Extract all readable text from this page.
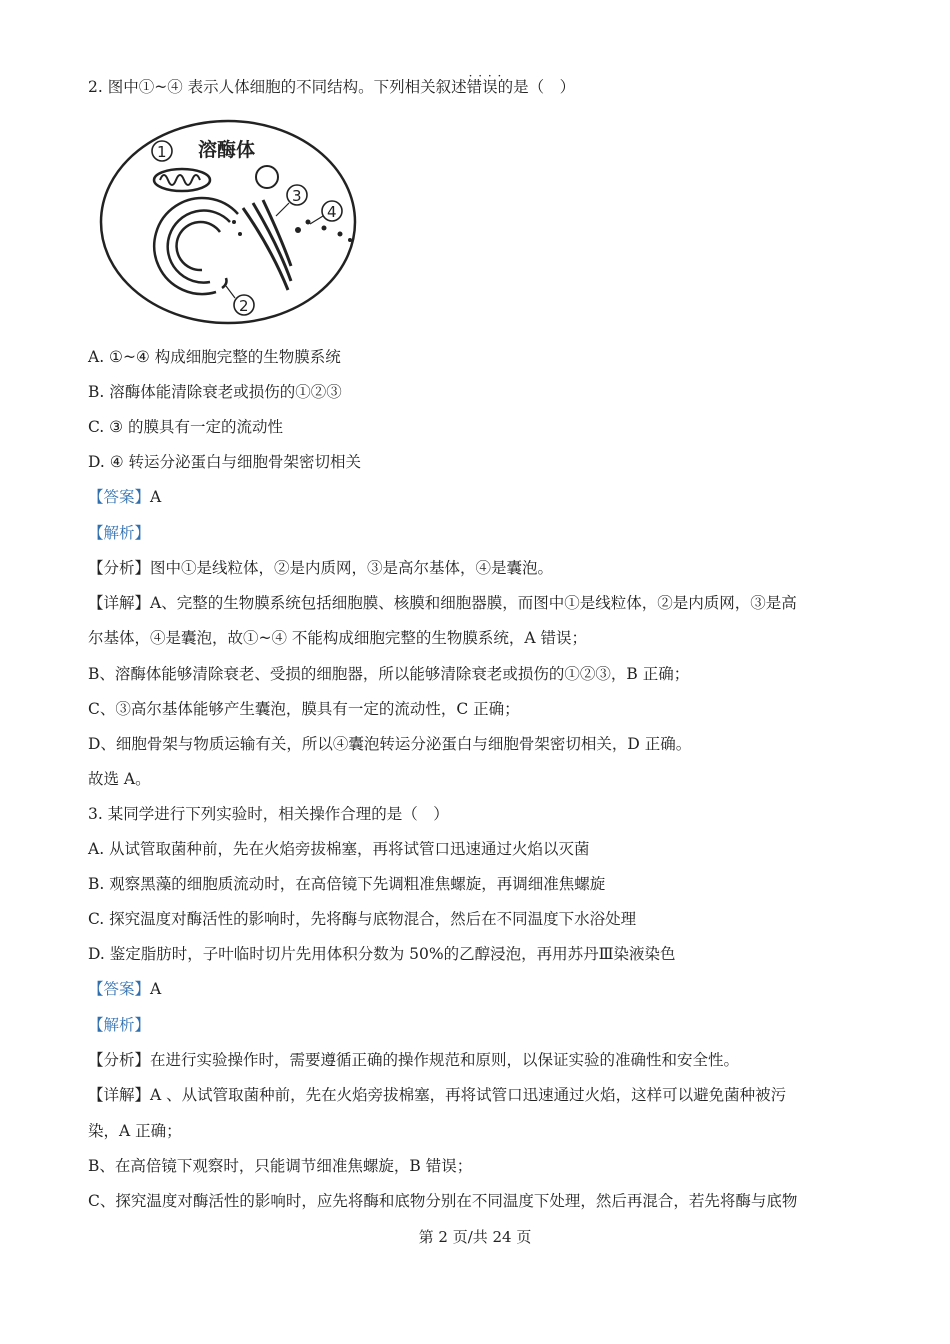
2. 图中①~④ 表示人体细胞的不同结构。下列相关叙述· · · · 错误的是（　）
1 溶酶体
2
3
4
A. ①~④ 构成细胞完整的生物膜系统
B. 溶酶体能清除衰老或损伤的①②③
C. ③ 的膜具有一定的流动性
D. ④ 转运分泌蛋白与细胞骨架密切相关
【答案】A
【解析】
【分析】图中①是线粒体，②是内质网，③是高尔基体，④是囊泡。
【详解】A、完整的生物膜系统包括细胞膜、核膜和细胞器膜，而图中①是线粒体，②是内质网，③是高
尔基体，④是囊泡，故①~④ 不能构成细胞完整的生物膜系统，A 错误；
B、溶酶体能够清除衰老、受损的细胞器，所以能够清除衰老或损伤的①②③，B 正确；
C、③高尔基体能够产生囊泡，膜具有一定的流动性，C 正确；
D、细胞骨架与物质运输有关，所以④囊泡转运分泌蛋白与细胞骨架密切相关，D 正确。
故选 A。
3. 某同学进行下列实验时，相关操作合理的是（　）
A. 从试管取菌种前，先在火焰旁拔棉塞，再将试管口迅速通过火焰以灭菌
B. 观察黑藻的细胞质流动时，在高倍镜下先调粗准焦螺旋，再调细准焦螺旋
C. 探究温度对酶活性的影响时，先将酶与底物混合，然后在不同温度下水浴处理
D. 鉴定脂肪时，子叶临时切片先用体积分数为 50%的乙醇浸泡，再用苏丹Ⅲ染液染色
【答案】A
【解析】
【分析】在进行实验操作时，需要遵循正确的操作规范和原则，以保证实验的准确性和安全性。
【详解】A 、从试管取菌种前，先在火焰旁拔棉塞，再将试管口迅速通过火焰，这样可以避免菌种被污
染，A 正确；
B、在高倍镜下观察时，只能调节细准焦螺旋，B 错误；
C、探究温度对酶活性的影响时，应先将酶和底物分别在不同温度下处理，然后再混合，若先将酶与底物
第 2 页/共 24 页
